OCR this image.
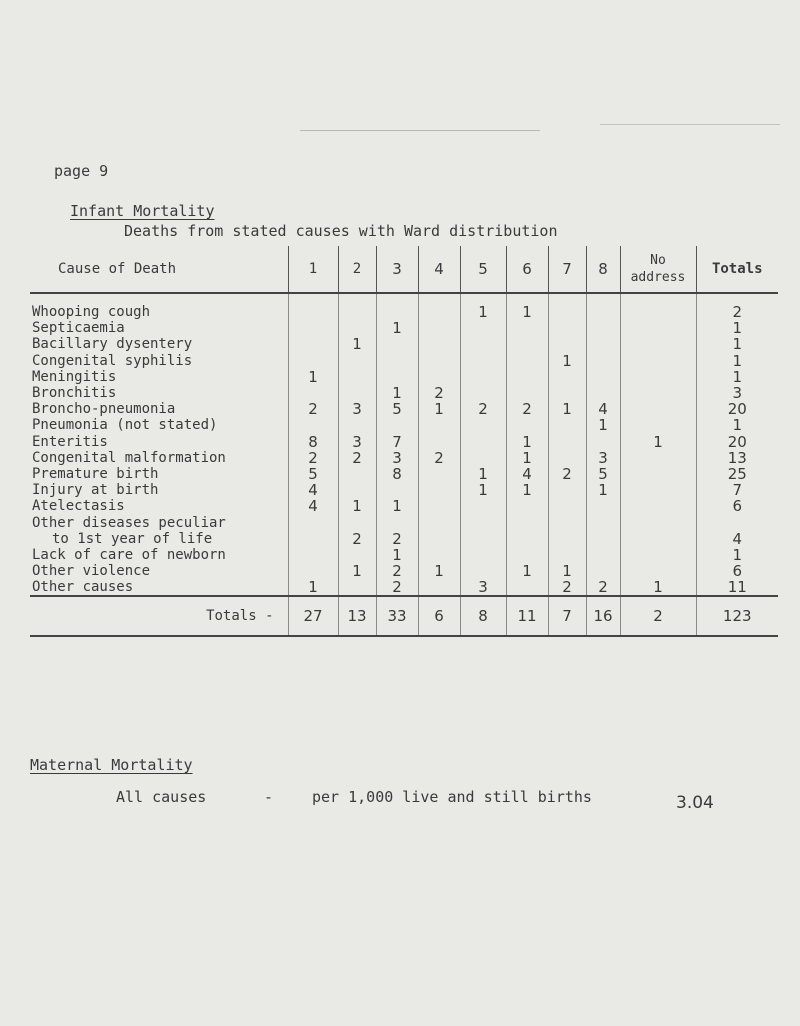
page 9
Infant Mortality
Deaths from stated causes with Ward distribution
Cause of Death	1	2	3	4	5	6	7	8	No address	Totals
Whooping cough					1	1				2
Septicaemia			1							1
Bacillary dysentery		1								1
Congenital syphilis							1			1
Meningitis	1									1
Bronchitis			1	2						3
Broncho-pneumonia	2	3	5	1	2	2	1	4		20
Pneumonia (not stated)								1		1
Enteritis	8	3	7			1			1	20
Congenital malformation	2	2	3	2		1		3		13
Premature birth	5		8		1	4	2	5		25
Injury at birth	4				1	1		1		7
Atelectasis	4	1	1							6
Other diseases peculiar										
to 1st year of life		2	2							4
Lack of care of newborn			1							1
Other violence		1	2	1		1	1			6
Other causes	1		2		3		2	2	1	11
Totals -	27	13	33	6	8	11	7	16	2	123
Maternal Mortality
All causes	-	per 1,000 live and still births	3.04
